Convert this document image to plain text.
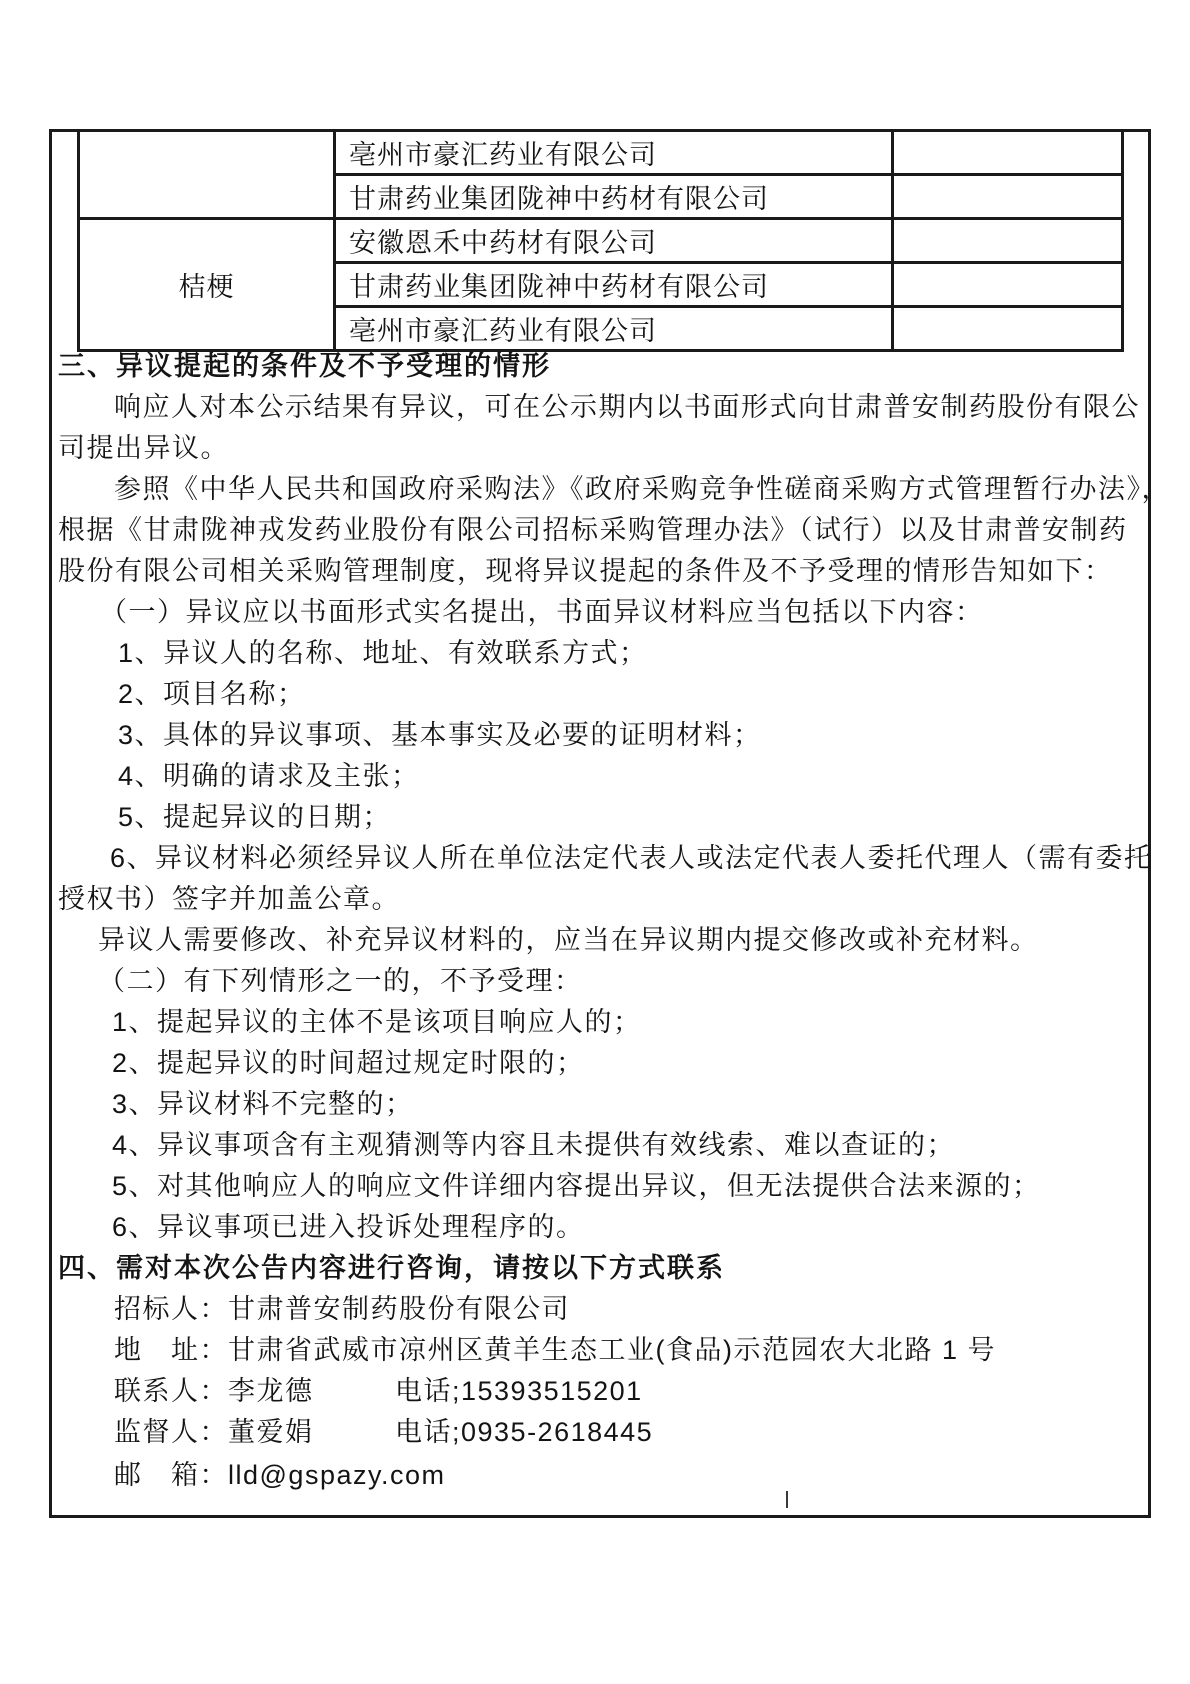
	亳州市豪汇药业有限公司	
	甘肃药业集团陇神中药材有限公司	
桔梗	安徽恩禾中药材有限公司	
	甘肃药业集团陇神中药材有限公司	
	亳州市豪汇药业有限公司	
三、异议提起的条件及不予受理的情形
响应人对本公示结果有异议，可在公示期内以书面形式向甘肃普安制药股份有限公
司提出异议。
参照《中华人民共和国政府采购法》《政府采购竞争性磋商采购方式管理暂行办法》，
根据《甘肃陇神戎发药业股份有限公司招标采购管理办法》（试行）以及甘肃普安制药
股份有限公司相关采购管理制度，现将异议提起的条件及不予受理的情形告知如下：
（一）异议应以书面形式实名提出，书面异议材料应当包括以下内容：
1、异议人的名称、地址、有效联系方式；
2、项目名称；
3、具体的异议事项、基本事实及必要的证明材料；
4、明确的请求及主张；
5、提起异议的日期；
6、异议材料必须经异议人所在单位法定代表人或法定代表人委托代理人（需有委托
授权书）签字并加盖公章。
异议人需要修改、补充异议材料的，应当在异议期内提交修改或补充材料。
（二）有下列情形之一的，不予受理：
1、提起异议的主体不是该项目响应人的；
2、提起异议的时间超过规定时限的；
3、异议材料不完整的；
4、异议事项含有主观猜测等内容且未提供有效线索、难以查证的；
5、对其他响应人的响应文件详细内容提出异议，但无法提供合法来源的；
6、异议事项已进入投诉处理程序的。
四、需对本次公告内容进行咨询，请按以下方式联系
招标人：甘肃普安制药股份有限公司
地　址：甘肃省武威市凉州区黄羊生态工业(食品)示范园农大北路 1 号
联系人：李龙德	电话;15393515201
监督人：董爱娟	电话;0935-2618445
邮　箱：lld@gspazy.com
